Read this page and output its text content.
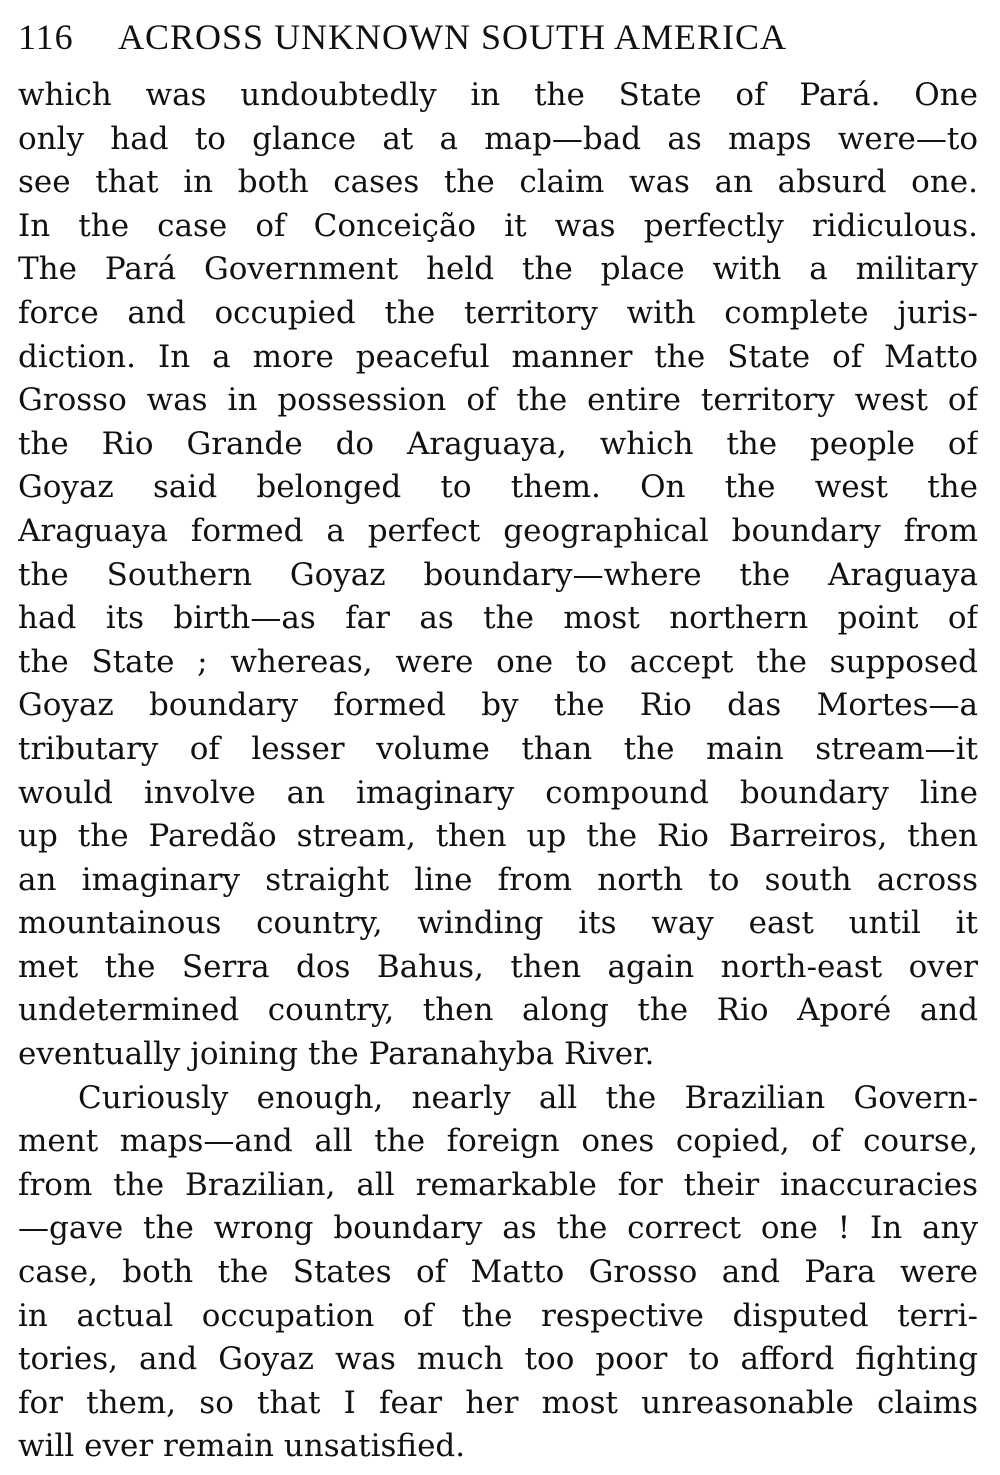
116 ACROSS UNKNOWN SOUTH AMERICA
which was undoubtedly in the State of Pará. One
only had to glance at a map—bad as maps were—to
see that in both cases the claim was an absurd one.
In the case of Conceição it was perfectly ridiculous.
The Pará Government held the place with a military
force and occupied the territory with complete juris-
diction. In a more peaceful manner the State of Matto
Grosso was in possession of the entire territory west of
the Rio Grande do Araguaya, which the people of
Goyaz said belonged to them. On the west the
Araguaya formed a perfect geographical boundary from
the Southern Goyaz boundary—where the Araguaya
had its birth—as far as the most northern point of
the State ; whereas, were one to accept the supposed
Goyaz boundary formed by the Rio das Mortes—a
tributary of lesser volume than the main stream—it
would involve an imaginary compound boundary line
up the Paredão stream, then up the Rio Barreiros, then
an imaginary straight line from north to south across
mountainous country, winding its way east until it
met the Serra dos Bahus, then again north-east over
undetermined country, then along the Rio Aporé and
eventually joining the Paranahyba River.
Curiously enough, nearly all the Brazilian Govern-
ment maps—and all the foreign ones copied, of course,
from the Brazilian, all remarkable for their inaccuracies
—gave the wrong boundary as the correct one ! In any
case, both the States of Matto Grosso and Para were
in actual occupation of the respective disputed terri-
tories, and Goyaz was much too poor to afford fighting
for them, so that I fear her most unreasonable claims
will ever remain unsatisfied.
